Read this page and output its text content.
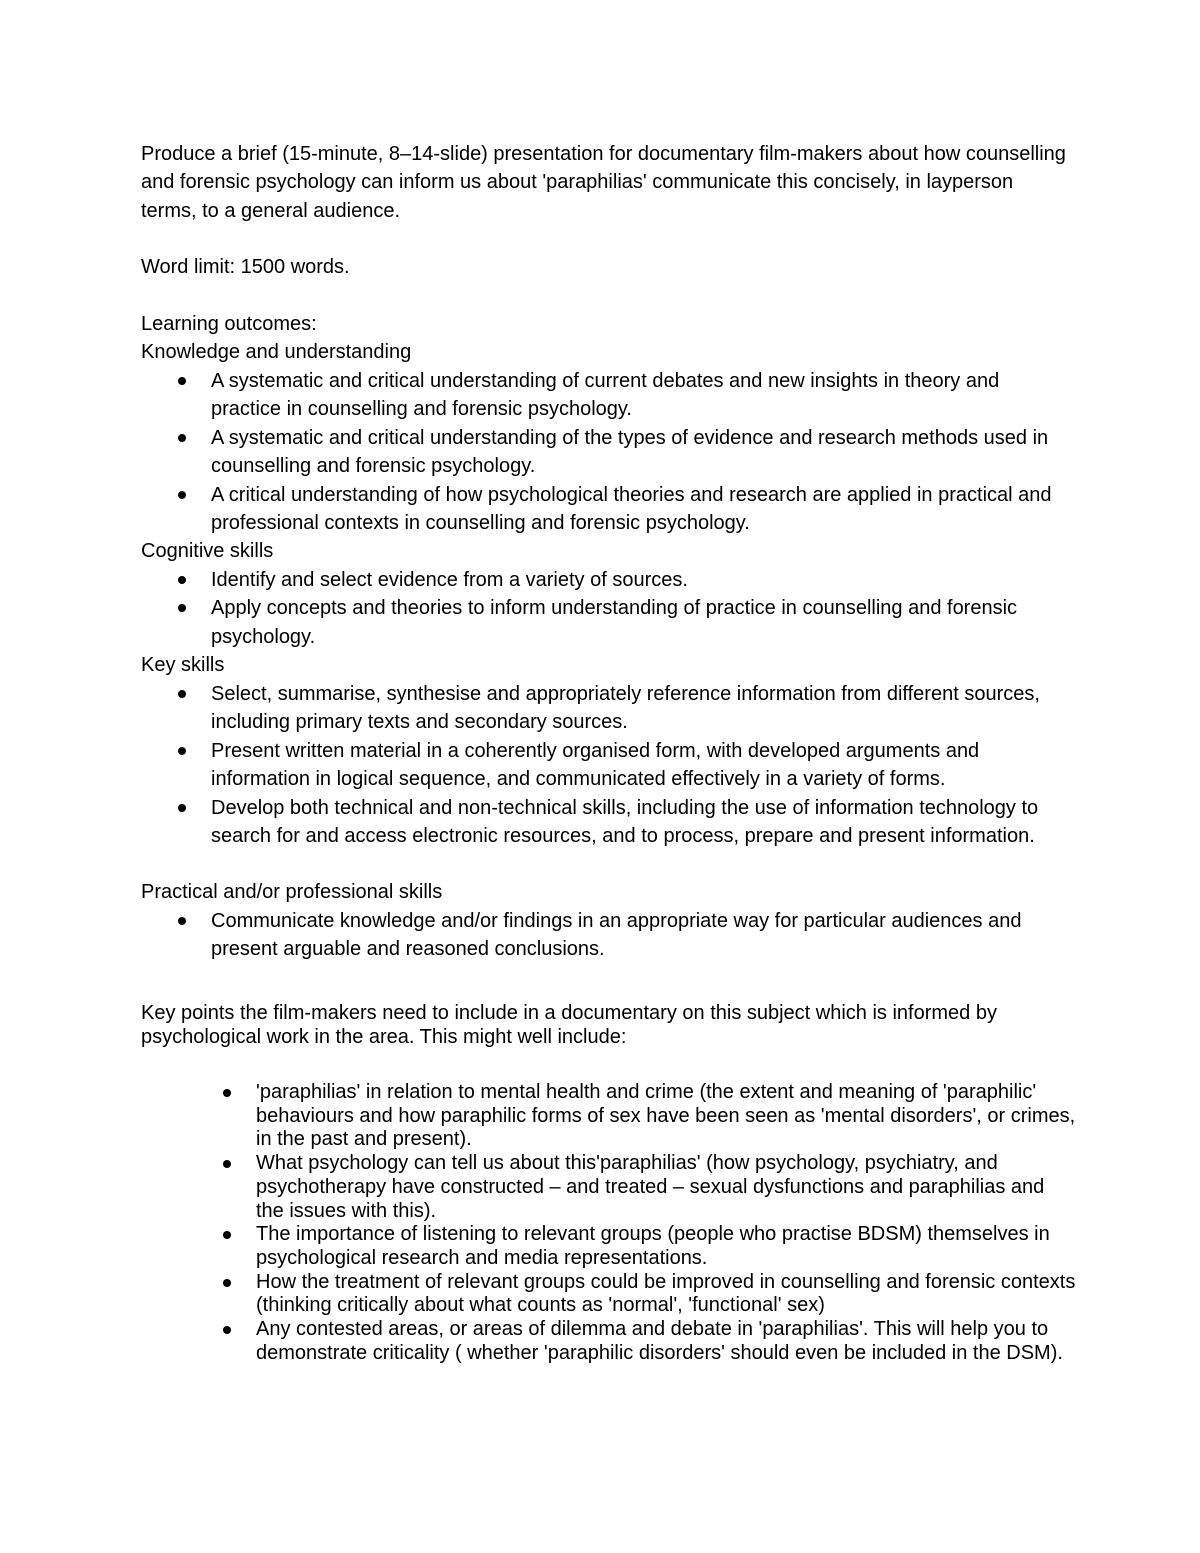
Produce a brief (15-minute, 8–14-slide) presentation for documentary film-makers about how counselling and forensic psychology can inform us about 'paraphilias' communicate this concisely, in layperson terms, to a general audience.

Word limit: 1500 words.

Learning outcomes:

Knowledge and understanding

A systematic and critical understanding of current debates and new insights in theory and practice in counselling and forensic psychology.
A systematic and critical understanding of the types of evidence and research methods used in counselling and forensic psychology.
A critical understanding of how psychological theories and research are applied in practical and professional contexts in counselling and forensic psychology.

Cognitive skills

Identify and select evidence from a variety of sources.
Apply concepts and theories to inform understanding of practice in counselling and forensic psychology.

Key skills

Select, summarise, synthesise and appropriately reference information from different sources, including primary texts and secondary sources.
Present written material in a coherently organised form, with developed arguments and information in logical sequence, and communicated effectively in a variety of forms.
Develop both technical and non-technical skills, including the use of information technology to search for and access electronic resources, and to process, prepare and present information.

Practical and/or professional skills

Communicate knowledge and/or findings in an appropriate way for particular audiences and present arguable and reasoned conclusions.

Key points the film-makers need to include in a documentary on this subject which is informed by psychological work in the area. This might well include:

'paraphilias' in relation to mental health and crime (the extent and meaning of 'paraphilic' behaviours and how paraphilic forms of sex have been seen as 'mental disorders', or crimes, in the past and present).
What psychology can tell us about this'paraphilias' (how psychology, psychiatry, and psychotherapy have constructed – and treated – sexual dysfunctions and paraphilias and the issues with this).
The importance of listening to relevant groups (people who practise BDSM) themselves in psychological research and media representations.
How the treatment of relevant groups could be improved in counselling and forensic contexts (thinking critically about what counts as 'normal', 'functional' sex)
Any contested areas, or areas of dilemma and debate in 'paraphilias'. This will help you to demonstrate criticality ( whether 'paraphilic disorders' should even be included in the DSM).
